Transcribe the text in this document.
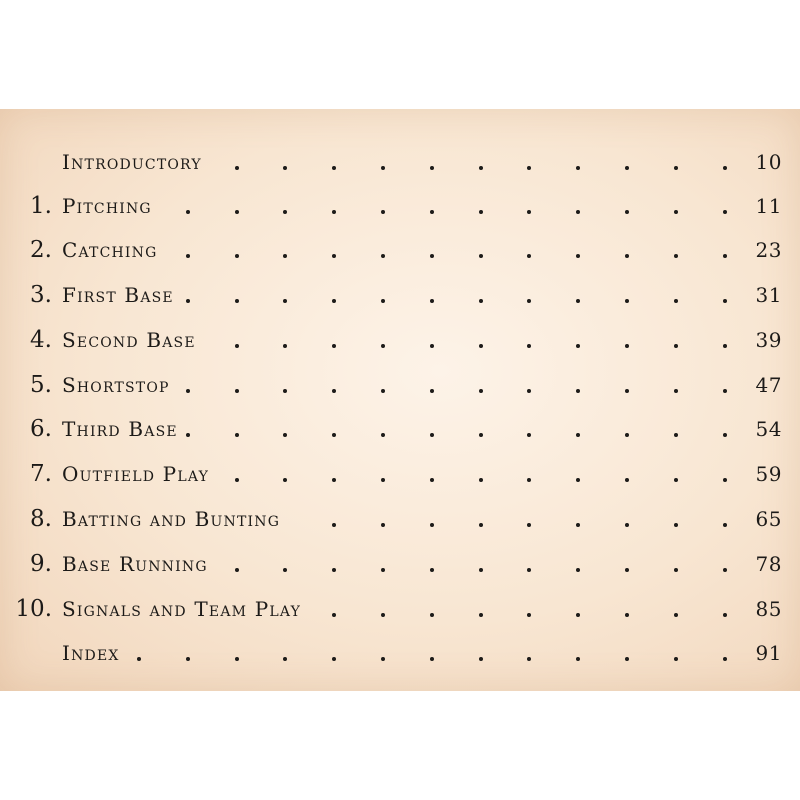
Introductory	10
1. Pitching	11
2. Catching	23
3. First Base	31
4. Second Base	39
5. Shortstop	47
6. Third Base	54
7. Outfield Play	59
8. Batting and Bunting	65
9. Base Running	78
10. Signals and Team Play	85
Index	91
